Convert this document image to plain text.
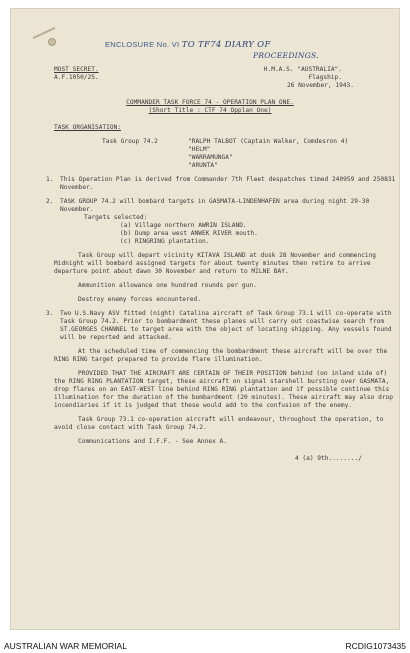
ENCLOSURE No. VI TO TF74 DIARY OF
PROCEEDINGS.
MOST SECRET.	H.M.A.S. "AUSTRALIA".
A.F.1050/25.	Flagship.
26 November, 1943.
COMMANDER TASK FORCE 74 - OPERATION PLAN ONE.
(Short Title : CTF 74 Opplan One)
TASK ORGANISATION:
Task Group 74.2	"RALPH TALBOT (Captain Walker, Comdesron 4)
"HELM"
"WARRAMUNGA"
"ARUNTA"
1.	This Operation Plan is derived from Commander 7th Fleet despatches timed 240959 and 250831 November.

2.	TASK GROUP 74.2 will bombard targets in GASMATA-LINDENHAFEN area during night 29-30 November.

Targets selected:
(a) Village northern AWRIN ISLAND.
(b) Dump area west ANWEK RIVER mouth.
(c) RINGRING plantation.

Task Group will depart vicinity KITAVA ISLAND at dusk 28 November and commencing Midnight will bombard assigned targets for about twenty minutes then retire to arrive departure point about dawn 30 November and return to MILNE BAY.

Ammunition allowance one hundred rounds per gun.

Destroy enemy forces encountered.

3.	Two U.S.Navy ASV fitted (night) Catalina aircraft of Task Group 73.1 will co-operate with Task Group 74.2. Prior to bombardment these planes will carry out coastwise search from ST.GEORGES CHANNEL to target area with the object of locating shipping. Any vessels found will be reported and attacked.

At the scheduled time of commencing the bombardment these aircraft will be over the RING RING target prepared to provide flare illumination.

PROVIDED THAT THE AIRCRAFT ARE CERTAIN OF THEIR POSITION behind (on inland side of) the RING RING PLANTATION target, these aircraft on signal starshell bursting over GASMATA, drop flares on an EAST-WEST line behind RING RING plantation and if possible continue this illumination for the duration of the bombardment (20 minutes). These aircraft may also drop incendiaries if it is judged that these would add to the confusion of the enemy.

Task Group 73.1 co-operation aircraft will endeavour, throughout the operation, to avoid close contact with Task Group 74.2.

Communications and I.F.F. - See Annex A.

4 (a) 9th......../
AUSTRALIAN WAR MEMORIAL	RCDIG1073435
